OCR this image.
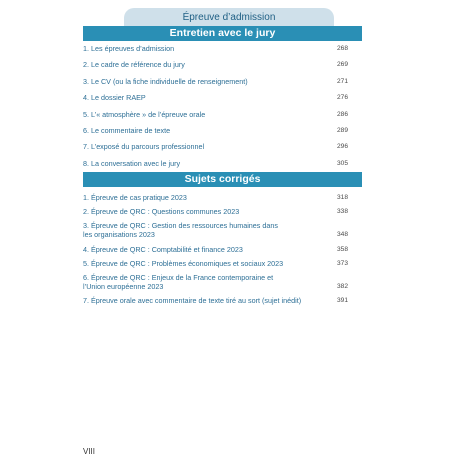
Épreuve d’admission
Entretien avec le jury
1. Les épreuves d’admission	268
2. Le cadre de référence du jury	269
3. Le CV (ou la fiche individuelle de renseignement)	271
4. Le dossier RAEP	276
5. L’« atmosphère » de l’épreuve orale	286
6. Le commentaire de texte	289
7. L’exposé du parcours professionnel	296
8. La conversation avec le jury	305
Sujets corrigés
1. Épreuve de cas pratique 2023	318
2. Épreuve de QRC : Questions communes 2023	338
3. Épreuve de QRC : Gestion des ressources humaines dans les organisations 2023	348
4. Épreuve de QRC : Comptabilité et finance 2023	358
5. Épreuve de QRC : Problèmes économiques et sociaux 2023	373
6. Épreuve de QRC : Enjeux de la France contemporaine et l’Union européenne 2023	382
7. Épreuve orale avec commentaire de texte tiré au sort (sujet inédit)	391
VIII
